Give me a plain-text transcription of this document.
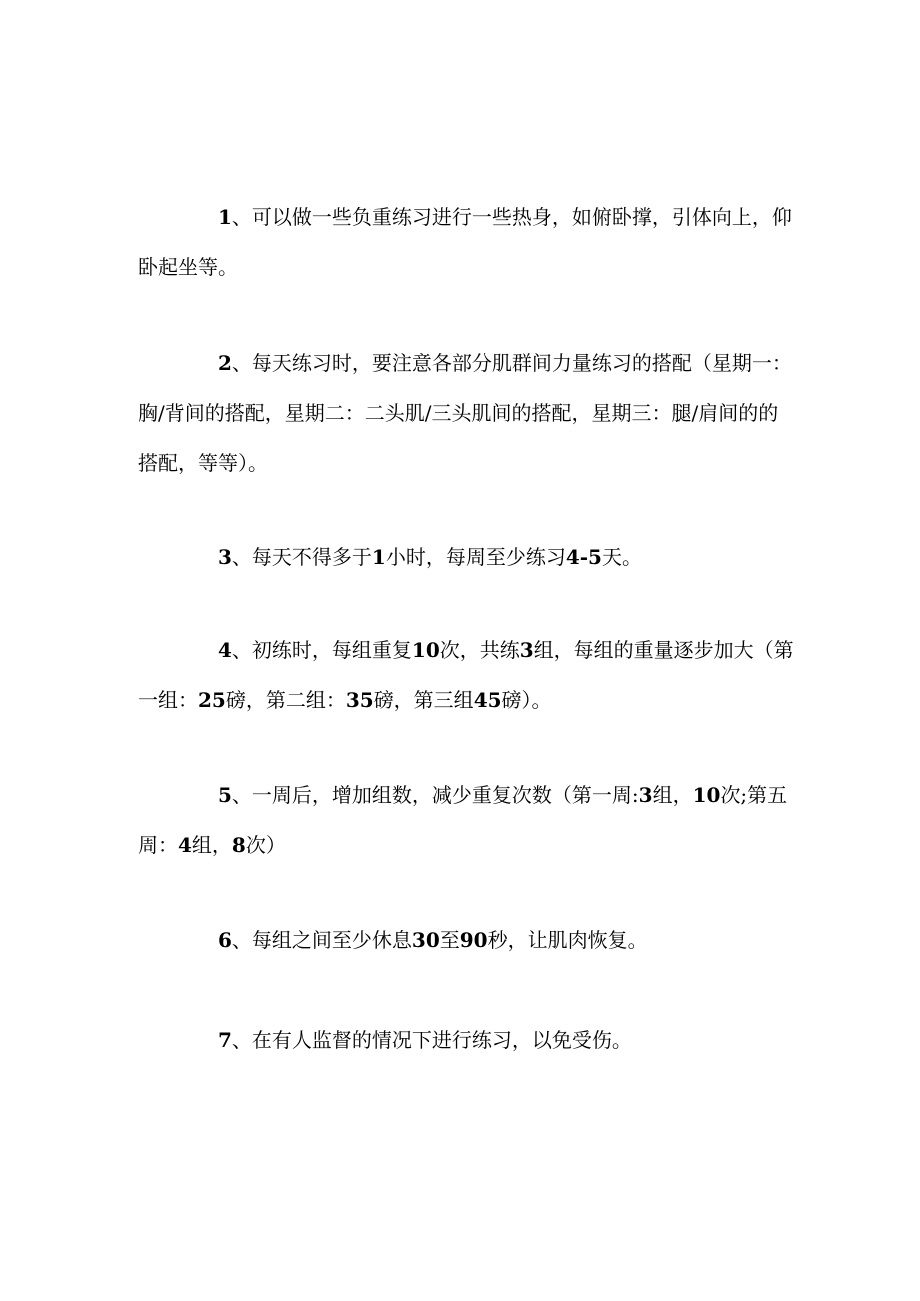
1、可以做一些负重练习进行一些热身，如俯卧撑，引体向上，仰卧起坐等。

2、每天练习时，要注意各部分肌群间力量练习的搭配（星期一：胸/背间的搭配，星期二：二头肌/三头肌间的搭配，星期三：腿/肩间的的搭配，等等）。

3、每天不得多于1小时，每周至少练习4-5天。

4、初练时，每组重复10次，共练3组，每组的重量逐步加大（第一组：25磅，第二组：35磅，第三组45磅）。

5、一周后，增加组数，减少重复次数（第一周:3组，10次;第五周：4组，8次）

6、每组之间至少休息30至90秒，让肌肉恢复。

7、在有人监督的情况下进行练习，以免受伤。
